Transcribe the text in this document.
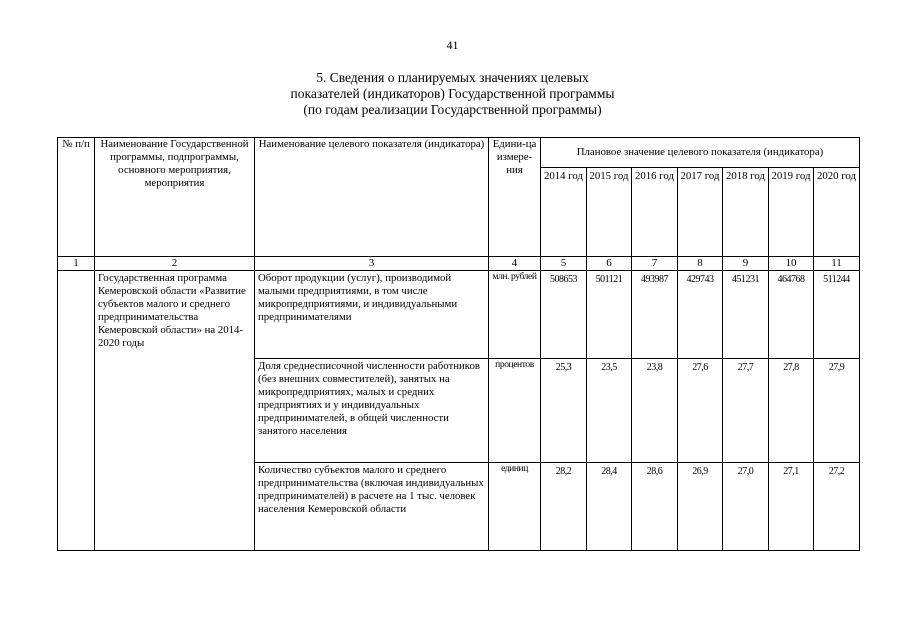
41
5. Сведения о планируемых значениях целевых
показателей (индикаторов) Государственной программы
(по годам реализации Государственной программы)
№ п/п	Наименование Государственной программы, подпрограммы, основного мероприятия, мероприятия	Наименование целевого показателя (индикатора)	Едини-ца измере-ния	Плановое значение целевого показателя (индикатора)						
				2014 год	2015 год	2016 год	2017 год	2018 год	2019 год	2020 год
1	2	3	4	5	6	7	8	9	10	11
	Государственная программа Кемеровской области «Развитие субъектов малого и среднего предпринимательства Кемеровской области» на 2014-2020 годы	Оборот продукции (услуг), производимой малыми предприятиями, в том числе микропредприятиями, и индивидуальными предпринимателями	млн. рублей	508653	501121	493987	429743	451231	464768	511244
		Доля среднесписочной численности работников (без внешних совместителей), занятых на микропредприятиях, малых и средних предприятиях и у индивидуальных предпринимателей, в общей численности занятого населения	процентов	25,3	23,5	23,8	27,6	27,7	27,8	27,9
		Количество субъектов малого и среднего предпринимательства (включая индивидуальных предпринимателей) в расчете на 1 тыс. человек населения Кемеровской области	единиц	28,2	28,4	28,6	26,9	27,0	27,1	27,2
